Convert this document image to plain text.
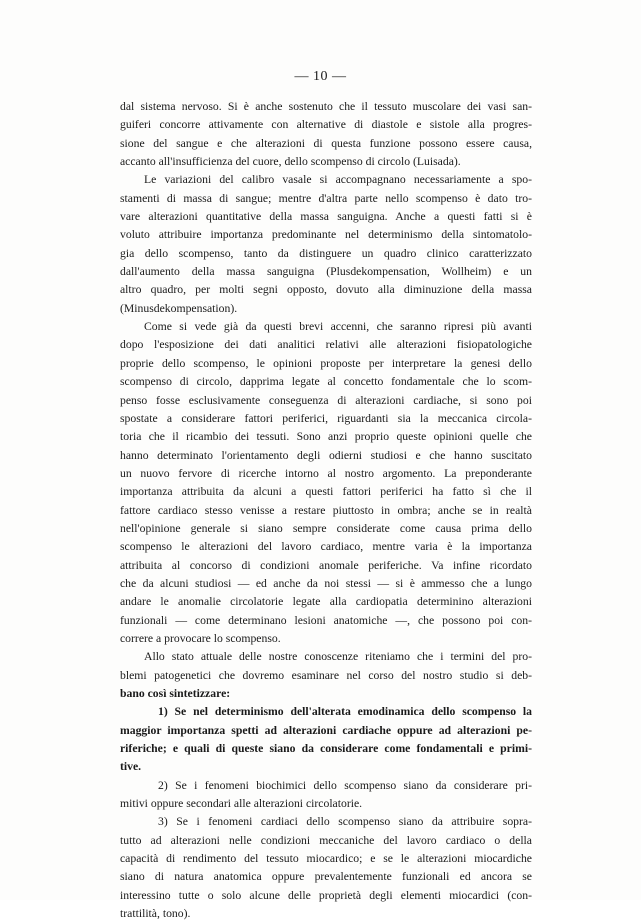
— 10 —
dal sistema nervoso. Si è anche sostenuto che il tessuto muscolare dei vasi san-
guiferi concorre attivamente con alternative di diastole e sistole alla progres-
sione del sangue e che alterazioni di questa funzione possono essere causa,
accanto all'insufficienza del cuore, dello scompenso di circolo (Luisada).
Le variazioni del calibro vasale si accompagnano necessariamente a spo-
stamenti di massa di sangue; mentre d'altra parte nello scompenso è dato tro-
vare alterazioni quantitative della massa sanguigna. Anche a questi fatti si è
voluto attribuire importanza predominante nel determinismo della sintomatolo-
gia dello scompenso, tanto da distinguere un quadro clinico caratterizzato
dall'aumento della massa sanguigna (Plusdekompensation, Wollheim) e un
altro quadro, per molti segni opposto, dovuto alla diminuzione della massa
(Minusdekompensation).
Come si vede già da questi brevi accenni, che saranno ripresi più avanti
dopo l'esposizione dei dati analitici relativi alle alterazioni fisiopatologiche
proprie dello scompenso, le opinioni proposte per interpretare la genesi dello
scompenso di circolo, dapprima legate al concetto fondamentale che lo scom-
penso fosse esclusivamente conseguenza di alterazioni cardiache, si sono poi
spostate a considerare fattori periferici, riguardanti sia la meccanica circola-
toria che il ricambio dei tessuti. Sono anzi proprio queste opinioni quelle che
hanno determinato l'orientamento degli odierni studiosi e che hanno suscitato
un nuovo fervore di ricerche intorno al nostro argomento. La preponderante
importanza attribuita da alcuni a questi fattori periferici ha fatto sì che il
fattore cardiaco stesso venisse a restare piuttosto in ombra; anche se in realtà
nell'opinione generale si siano sempre considerate come causa prima dello
scompenso le alterazioni del lavoro cardiaco, mentre varia è la importanza
attribuita al concorso di condizioni anomale periferiche. Va infine ricordato
che da alcuni studiosi — ed anche da noi stessi — si è ammesso che a lungo
andare le anomalie circolatorie legate alla cardiopatia determinino alterazioni
funzionali — come determinano lesioni anatomiche —, che possono poi con-
correre a provocare lo scompenso.
Allo stato attuale delle nostre conoscenze riteniamo che i termini del pro-
blemi patogenetici che dovremo esaminare nel corso del nostro studio si deb-
bano così sintetizzare:
1) Se nel determinismo dell'alterata emodinamica dello scompenso la
maggior importanza spetti ad alterazioni cardiache oppure ad alterazioni pe-
riferiche; e quali di queste siano da considerare come fondamentali e primi-
tive.
2) Se i fenomeni biochimici dello scompenso siano da considerare pri-
mitivi oppure secondari alle alterazioni circolatorie.
3) Se i fenomeni cardiaci dello scompenso siano da attribuire sopra-
tutto ad alterazioni nelle condizioni meccaniche del lavoro cardiaco o della
capacità di rendimento del tessuto miocardico; e se le alterazioni miocardiche
siano di natura anatomica oppure prevalentemente funzionali ed ancora se
interessino tutte o solo alcune delle proprietà degli elementi miocardici (con-
trattilità, tono).
